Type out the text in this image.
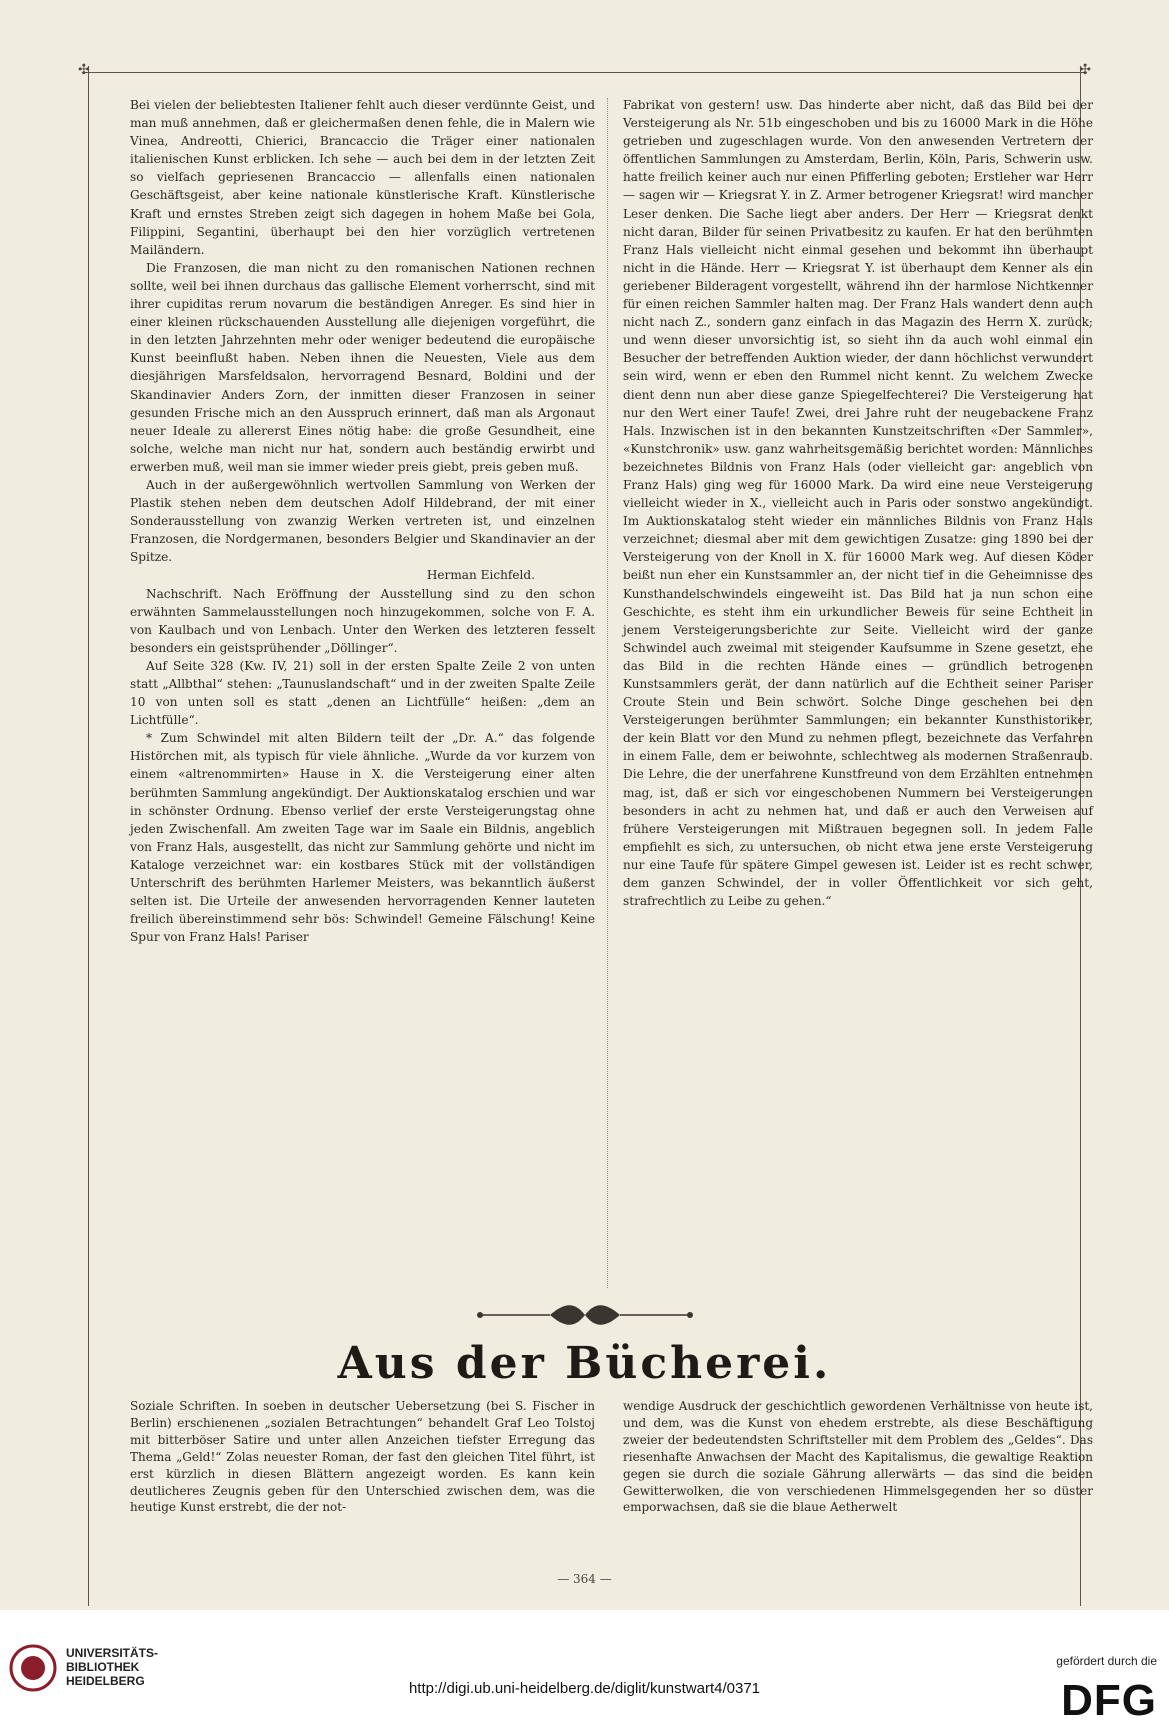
✣	✣

Bei vielen der beliebtesten Italiener fehlt auch dieser verdünnte Geist, und man muß annehmen, daß er gleichermaßen denen fehle, die in Malern wie Vinea, Andreotti, Chierici, Brancaccio die Träger einer nationalen italienischen Kunst erblicken. Ich sehe — auch bei dem in der letzten Zeit so vielfach gepriesenen Brancaccio — allenfalls einen nationalen Geschäftsgeist, aber keine nationale künstlerische Kraft. Künstlerische Kraft und ernstes Streben zeigt sich dagegen in hohem Maße bei Gola, Filippini, Segantini, überhaupt bei den hier vorzüglich vertretenen Mailändern.

Die Franzosen, die man nicht zu den romanischen Nationen rechnen sollte, weil bei ihnen durchaus das gallische Element vorherrscht, sind mit ihrer cupiditas rerum novarum die beständigen Anreger. Es sind hier in einer kleinen rückschauenden Ausstellung alle diejenigen vorgeführt, die in den letzten Jahrzehnten mehr oder weniger bedeutend die europäische Kunst beeinflußt haben. Neben ihnen die Neuesten, Viele aus dem diesjährigen Marsfeldsalon, hervorragend Besnard, Boldini und der Skandinavier Anders Zorn, der inmitten dieser Franzosen in seiner gesunden Frische mich an den Ausspruch erinnert, daß man als Argonaut neuer Ideale zu allererst Eines nötig habe: die große Gesundheit, eine solche, welche man nicht nur hat, sondern auch beständig erwirbt und erwerben muß, weil man sie immer wieder preis giebt, preis geben muß.

Auch in der außergewöhnlich wertvollen Sammlung von Werken der Plastik stehen neben dem deutschen Adolf Hildebrand, der mit einer Sonderausstellung von zwanzig Werken vertreten ist, und einzelnen Franzosen, die Nordgermanen, besonders Belgier und Skandinavier an der Spitze.

Herman Eichfeld.

Nachschrift. Nach Eröffnung der Ausstellung sind zu den schon erwähnten Sammelausstellungen noch hinzugekommen, solche von F. A. von Kaulbach und von Lenbach. Unter den Werken des letzteren fesselt besonders ein geistsprühender „Döllinger“.

Auf Seite 328 (Kw. IV, 21) soll in der ersten Spalte Zeile 2 von unten statt „Allbthal“ stehen: „Taunuslandschaft“ und in der zweiten Spalte Zeile 10 von unten soll es statt „denen an Lichtfülle“ heißen: „dem an Lichtfülle“.

* Zum Schwindel mit alten Bildern teilt der „Dr. A.“ das folgende Histörchen mit, als typisch für viele ähnliche. „Wurde da vor kurzem von einem «altrenommirten» Hause in X. die Versteigerung einer alten berühmten Sammlung angekündigt. Der Auktionskatalog erschien und war in schönster Ordnung. Ebenso verlief der erste Versteigerungstag ohne jeden Zwischenfall. Am zweiten Tage war im Saale ein Bildnis, angeblich von Franz Hals, ausgestellt, das nicht zur Sammlung gehörte und nicht im Kataloge verzeichnet war: ein kostbares Stück mit der vollständigen Unterschrift des berühmten Harlemer Meisters, was bekanntlich äußerst selten ist. Die Urteile der anwesenden hervorragenden Kenner lauteten freilich übereinstimmend sehr bös: Schwindel! Gemeine Fälschung! Keine Spur von Franz Hals! Pariser

Fabrikat von gestern! usw. Das hinderte aber nicht, daß das Bild bei der Versteigerung als Nr. 51b eingeschoben und bis zu 16000 Mark in die Höhe getrieben und zugeschlagen wurde. Von den anwesenden Vertretern der öffentlichen Sammlungen zu Amsterdam, Berlin, Köln, Paris, Schwerin usw. hatte freilich keiner auch nur einen Pfifferling geboten; Erstleher war Herr — sagen wir — Kriegsrat Y. in Z. Armer betrogener Kriegsrat! wird mancher Leser denken. Die Sache liegt aber anders. Der Herr — Kriegsrat denkt nicht daran, Bilder für seinen Privatbesitz zu kaufen. Er hat den berühmten Franz Hals vielleicht nicht einmal gesehen und bekommt ihn überhaupt nicht in die Hände. Herr — Kriegsrat Y. ist überhaupt dem Kenner als ein geriebener Bilderagent vorgestellt, während ihn der harmlose Nichtkenner für einen reichen Sammler halten mag. Der Franz Hals wandert denn auch nicht nach Z., sondern ganz einfach in das Magazin des Herrn X. zurück; und wenn dieser unvorsichtig ist, so sieht ihn da auch wohl einmal ein Besucher der betreffenden Auktion wieder, der dann höchlichst verwundert sein wird, wenn er eben den Rummel nicht kennt. Zu welchem Zwecke dient denn nun aber diese ganze Spiegelfechterei? Die Versteigerung hat nur den Wert einer Taufe! Zwei, drei Jahre ruht der neugebackene Franz Hals. Inzwischen ist in den bekannten Kunstzeitschriften «Der Sammler», «Kunstchronik» usw. ganz wahrheitsgemäßig berichtet worden: Männliches bezeichnetes Bildnis von Franz Hals (oder vielleicht gar: angeblich von Franz Hals) ging weg für 16000 Mark. Da wird eine neue Versteigerung vielleicht wieder in X., vielleicht auch in Paris oder sonstwo angekündigt. Im Auktionskatalog steht wieder ein männliches Bildnis von Franz Hals verzeichnet; diesmal aber mit dem gewichtigen Zusatze: ging 1890 bei der Versteigerung von der Knoll in X. für 16000 Mark weg. Auf diesen Köder beißt nun eher ein Kunstsammler an, der nicht tief in die Geheimnisse des Kunsthandelschwindels eingeweiht ist. Das Bild hat ja nun schon eine Geschichte, es steht ihm ein urkundlicher Beweis für seine Echtheit in jenem Versteigerungsberichte zur Seite. Vielleicht wird der ganze Schwindel auch zweimal mit steigender Kaufsumme in Szene gesetzt, ehe das Bild in die rechten Hände eines — gründlich betrogenen Kunstsammlers gerät, der dann natürlich auf die Echtheit seiner Pariser Croute Stein und Bein schwört. Solche Dinge geschehen bei den Versteigerungen berühmter Sammlungen; ein bekannter Kunsthistoriker, der kein Blatt vor den Mund zu nehmen pflegt, bezeichnete das Verfahren in einem Falle, dem er beiwohnte, schlechtweg als modernen Straßenraub. Die Lehre, die der unerfahrene Kunstfreund von dem Erzählten entnehmen mag, ist, daß er sich vor eingeschobenen Nummern bei Versteigerungen besonders in acht zu nehmen hat, und daß er auch den Verweisen auf frühere Versteigerungen mit Mißtrauen begegnen soll. In jedem Falle empfiehlt es sich, zu untersuchen, ob nicht etwa jene erste Versteigerung nur eine Taufe für spätere Gimpel gewesen ist. Leider ist es recht schwer, dem ganzen Schwindel, der in voller Öffentlichkeit vor sich geht, strafrechtlich zu Leibe zu gehen.“

Aus der Bücherei.

Soziale Schriften. In soeben in deutscher Uebersetzung (bei S. Fischer in Berlin) erschienenen „sozialen Betrachtungen“ behandelt Graf Leo Tolstoj mit bitterböser Satire und unter allen Anzeichen tiefster Erregung das Thema „Geld!“ Zolas neuester Roman, der fast den gleichen Titel führt, ist erst kürzlich in diesen Blättern angezeigt worden. Es kann kein deutlicheres Zeugnis geben für den Unterschied zwischen dem, was die heutige Kunst erstrebt, die der not-

wendige Ausdruck der geschichtlich gewordenen Verhältnisse von heute ist, und dem, was die Kunst von ehedem erstrebte, als diese Beschäftigung zweier der bedeutendsten Schriftsteller mit dem Problem des „Geldes“. Das riesenhafte Anwachsen der Macht des Kapitalismus, die gewaltige Reaktion gegen sie durch die soziale Gährung allerwärts — das sind die beiden Gewitterwolken, die von verschiedenen Himmelsgegenden her so düster emporwachsen, daß sie die blaue Aetherwelt

— 364 —
UNIVERSITÄTS-
BIBLIOTHEK
HEIDELBERG	http://digi.ub.uni-heidelberg.de/diglit/kunstwart4/0371
gefördert durch die
DFG
